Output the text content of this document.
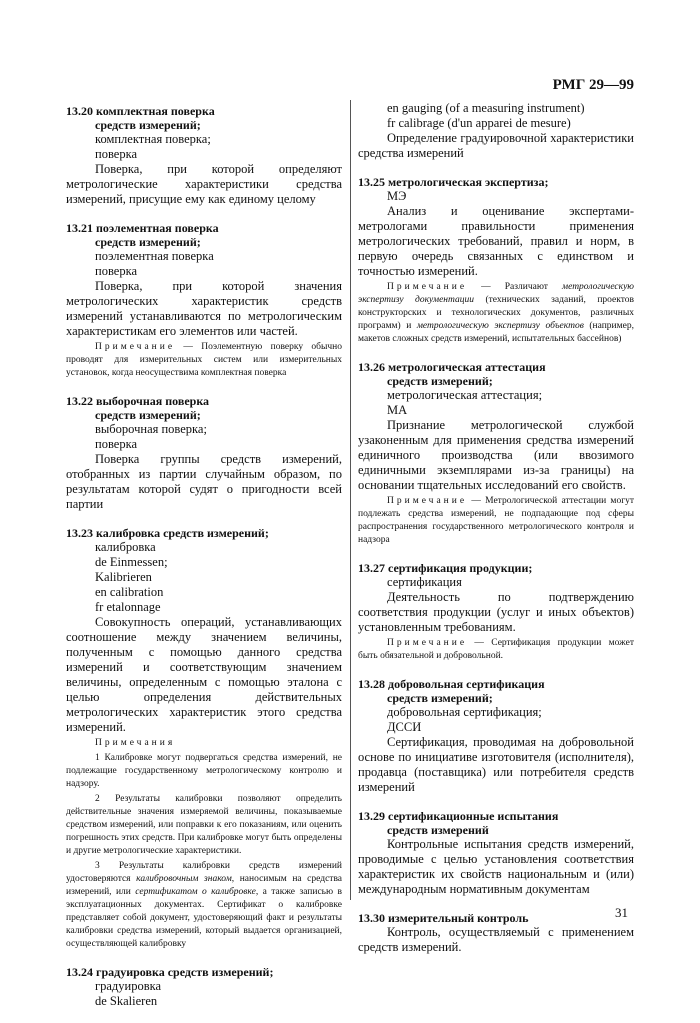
РМГ 29—99
13.20 комплектная поверка
средств измерений;
комплектная поверка;
поверка

Поверка, при которой определяют метрологические характеристики средства измерений, присущие ему как единому целому

13.21 поэлементная поверка
средств измерений;
поэлементная поверка
поверка

Поверка, при которой значения метрологических характеристик средств измерений устанавливаются по метрологическим характеристикам его элементов или частей.

Примечание — Поэлементную поверку обычно проводят для измерительных систем или измерительных установок, когда неосуществима комплектная поверка

13.22 выборочная поверка
средств измерений;
выборочная поверка;
поверка

Поверка группы средств измерений, отобранных из партии случайным образом, по результатам которой судят о пригодности всей партии

13.23 калибровка средств измерений;
калибровка
de Einmessen;
Kalibrieren
en calibration
fr etalonnage

Совокупность операций, устанавливающих соотношение между значением величины, полученным с помощью данного средства измерений и соответствующим значением величины, определенным с помощью эталона с целью определения действительных метрологических характеристик этого средства измерений.

Примечания

1 Калибровке могут подвергаться средства измерений, не подлежащие государственному метрологическому контролю и надзору.

2 Результаты калибровки позволяют определить действительные значения измеряемой величины, показываемые средством измерений, или поправки к его показаниям, или оценить погрешность этих средств. При калибровке могут быть определены и другие метрологические характеристики.

3 Результаты калибровки средств измерений удостоверяются калибровочным знаком, наносимым на средства измерений, или сертификатом о калибровке, а также записью в эксплуатационных документах. Сертификат о калибровке представляет собой документ, удостоверяющий факт и результаты калибровки средства измерений, который выдается организацией, осуществляющей калибровку

13.24 градуировка средств измерений;
градуировка
de Skalieren
en gauging (of a measuring instrument)
fr calibrage (d'un apparei de mesure)

Определение градуировочной характеристики средства измерений

13.25 метрологическая экспертиза;
МЭ

Анализ и оценивание экспертами-метрологами правильности применения метрологических требований, правил и норм, в первую очередь связанных с единством и точностью измерений.

Примечание — Различают метрологическую экспертизу документации (технических заданий, проектов конструкторских и технологических документов, различных программ) и метрологическую экспертизу объектов (например, макетов сложных средств измерений, испытательных бассейнов)

13.26 метрологическая аттестация
средств измерений;
метрологическая аттестация;
МА

Признание метрологической службой узаконенным для применения средства измерений единичного производства (или ввозимого единичными экземплярами из-за границы) на основании тщательных исследований его свойств.

Примечание — Метрологической аттестации могут подлежать средства измерений, не подпадающие под сферы распространения государственного метрологического контроля и надзора

13.27 сертификация продукции;
сертификация

Деятельность по подтверждению соответствия продукции (услуг и иных объектов) установленным требованиям.

Примечание — Сертификация продукции может быть обязательной и добровольной.

13.28 добровольная сертификация
средств измерений;
добровольная сертификация;
ДССИ

Сертификация, проводимая на добровольной основе по инициативе изготовителя (исполнителя), продавца (поставщика) или потребителя средств измерений

13.29 сертификационные испытания
средств измерений

Контрольные испытания средств измерений, проводимые с целью установления соответствия характеристик их свойств национальным и (или) международным нормативным документам

13.30 измерительный контроль

Контроль, осуществляемый с применением средств измерений.

31
